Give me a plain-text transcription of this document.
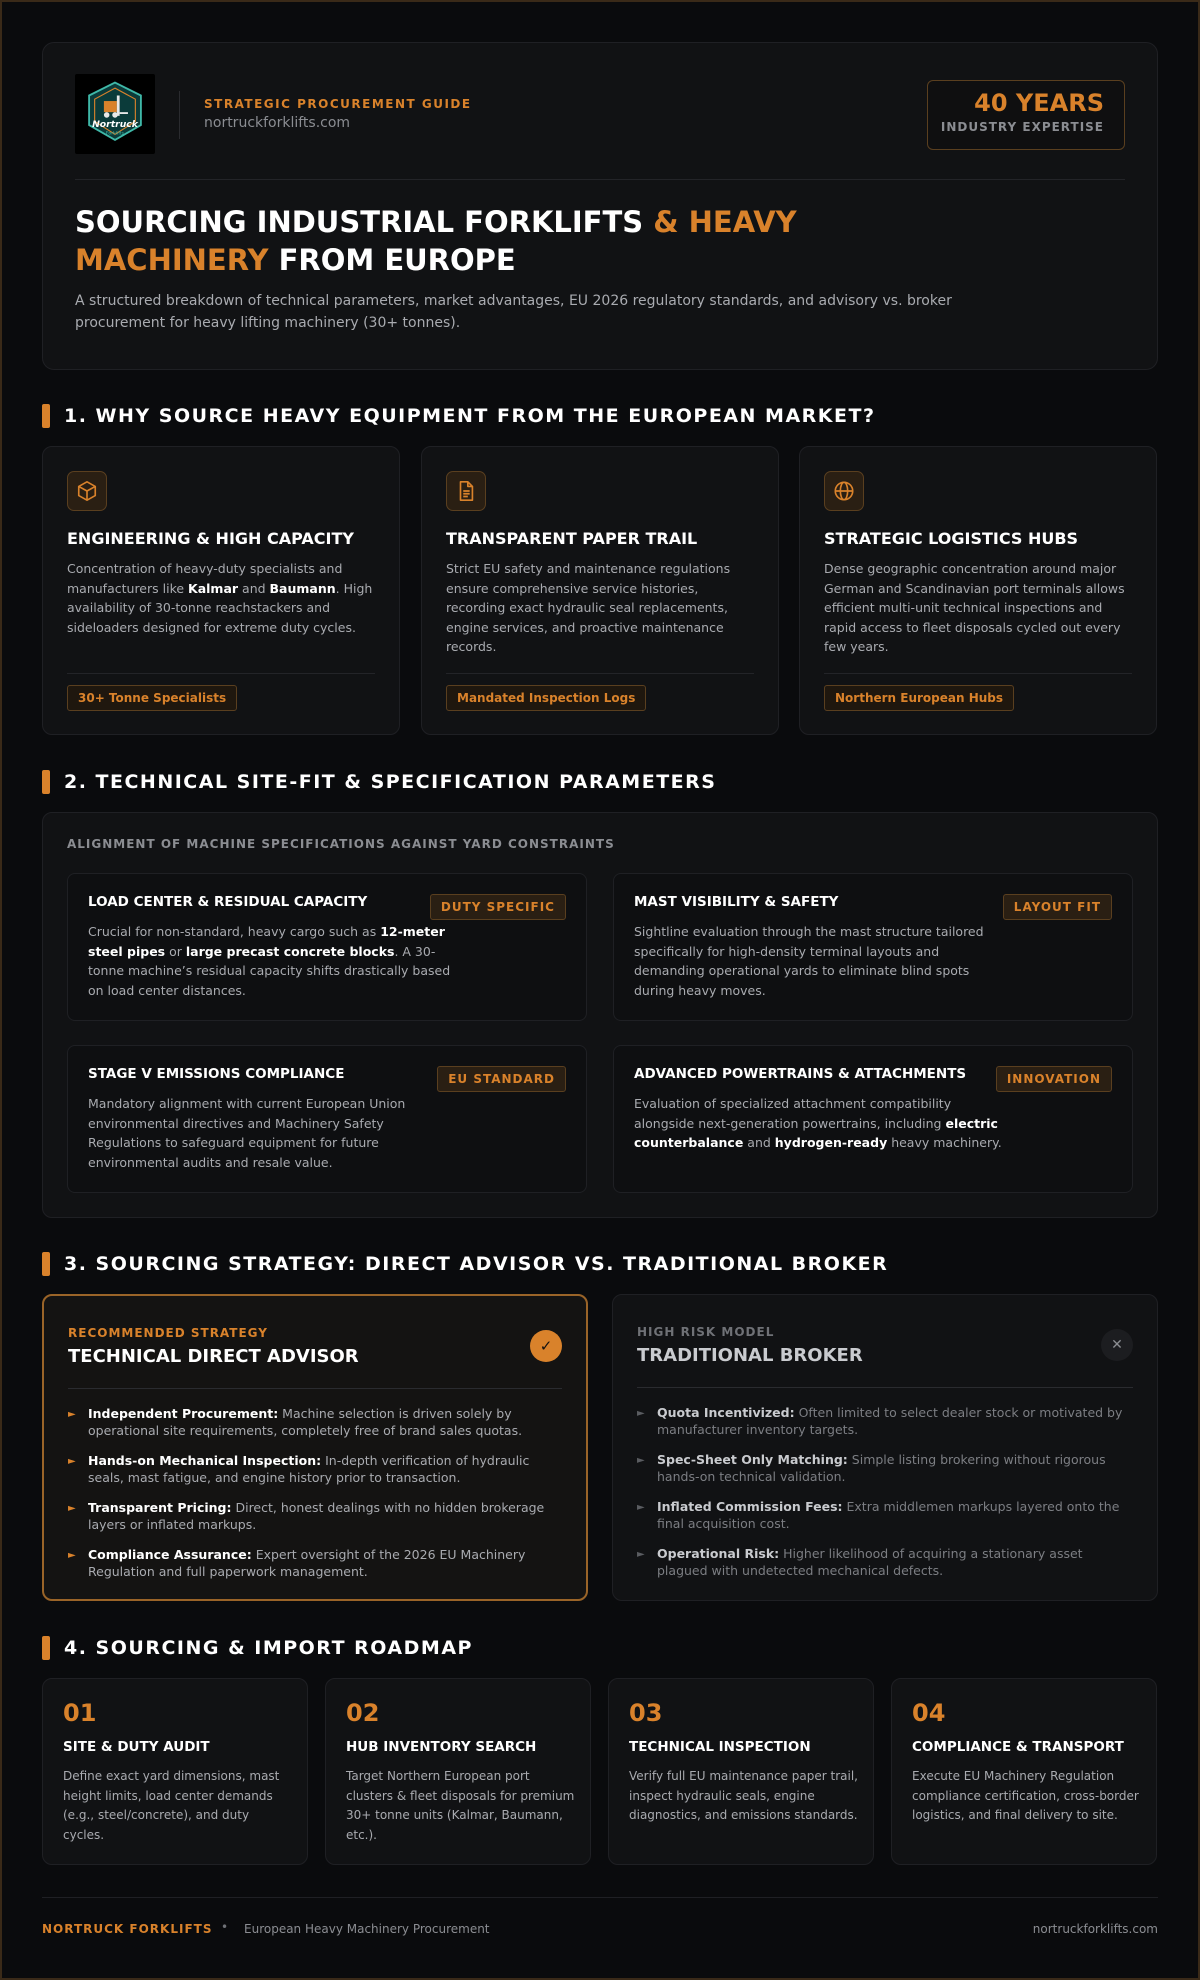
Nortruck
Forklifts
STRATEGIC PROCUREMENT GUIDE
nortruckforklifts.com
40 YEARS
INDUSTRY EXPERTISE
SOURCING INDUSTRIAL FORKLIFTS & HEAVY
MACHINERY FROM EUROPE

A structured breakdown of technical parameters, market advantages, EU 2026 regulatory standards, and advisory vs. broker procurement for heavy lifting machinery (30+ tonnes).

1. WHY SOURCE HEAVY EQUIPMENT FROM THE EUROPEAN MARKET?
ENGINEERING & HIGH CAPACITY
Concentration of heavy-duty specialists and manufacturers like Kalmar and Baumann. High availability of 30-tonne reachstackers and sideloaders designed for extreme duty cycles.
30+ Tonne Specialists
TRANSPARENT PAPER TRAIL
Strict EU safety and maintenance regulations ensure comprehensive service histories, recording exact hydraulic seal replacements, engine services, and proactive maintenance records.
Mandated Inspection Logs
STRATEGIC LOGISTICS HUBS
Dense geographic concentration around major German and Scandinavian port terminals allows efficient multi-unit technical inspections and rapid access to fleet disposals cycled out every few years.
Northern European Hubs
2. TECHNICAL SITE-FIT & SPECIFICATION PARAMETERS
ALIGNMENT OF MACHINE SPECIFICATIONS AGAINST YARD CONSTRAINTS
LOAD CENTER & RESIDUAL CAPACITY	DUTY SPECIFIC
Crucial for non-standard, heavy cargo such as 12-meter steel pipes or large precast concrete blocks. A 30-tonne machine’s residual capacity shifts drastically based on load center distances.
MAST VISIBILITY & SAFETY	LAYOUT FIT
Sightline evaluation through the mast structure tailored specifically for high-density terminal layouts and demanding operational yards to eliminate blind spots during heavy moves.
STAGE V EMISSIONS COMPLIANCE	EU STANDARD
Mandatory alignment with current European Union environmental directives and Machinery Safety Regulations to safeguard equipment for future environmental audits and resale value.
ADVANCED POWERTRAINS & ATTACHMENTS	INNOVATION
Evaluation of specialized attachment compatibility alongside next-generation powertrains, including electric counterbalance and hydrogen-ready heavy machinery.
3. SOURCING STRATEGY: DIRECT ADVISOR VS. TRADITIONAL BROKER
RECOMMENDED STRATEGY
TECHNICAL DIRECT ADVISOR	✓
► Independent Procurement: Machine selection is driven solely by operational site requirements, completely free of brand sales quotas.
► Hands-on Mechanical Inspection: In-depth verification of hydraulic seals, mast fatigue, and engine history prior to transaction.
► Transparent Pricing: Direct, honest dealings with no hidden brokerage layers or inflated markups.
► Compliance Assurance: Expert oversight of the 2026 EU Machinery Regulation and full paperwork management.
HIGH RISK MODEL
TRADITIONAL BROKER	✕
► Quota Incentivized: Often limited to select dealer stock or motivated by manufacturer inventory targets.
► Spec-Sheet Only Matching: Simple listing brokering without rigorous hands-on technical validation.
► Inflated Commission Fees: Extra middlemen markups layered onto the final acquisition cost.
► Operational Risk: Higher likelihood of acquiring a stationary asset plagued with undetected mechanical defects.
4. SOURCING & IMPORT ROADMAP
01
SITE & DUTY AUDIT
Define exact yard dimensions, mast height limits, load center demands (e.g., steel/concrete), and duty cycles.
02
HUB INVENTORY SEARCH
Target Northern European port clusters & fleet disposals for premium 30+ tonne units (Kalmar, Baumann, etc.).
03
TECHNICAL INSPECTION
Verify full EU maintenance paper trail, inspect hydraulic seals, engine diagnostics, and emissions standards.
04
COMPLIANCE & TRANSPORT
Execute EU Machinery Regulation compliance certification, cross-border logistics, and final delivery to site.
NORTRUCK FORKLIFTS • European Heavy Machinery Procurement	nortruckforklifts.com
